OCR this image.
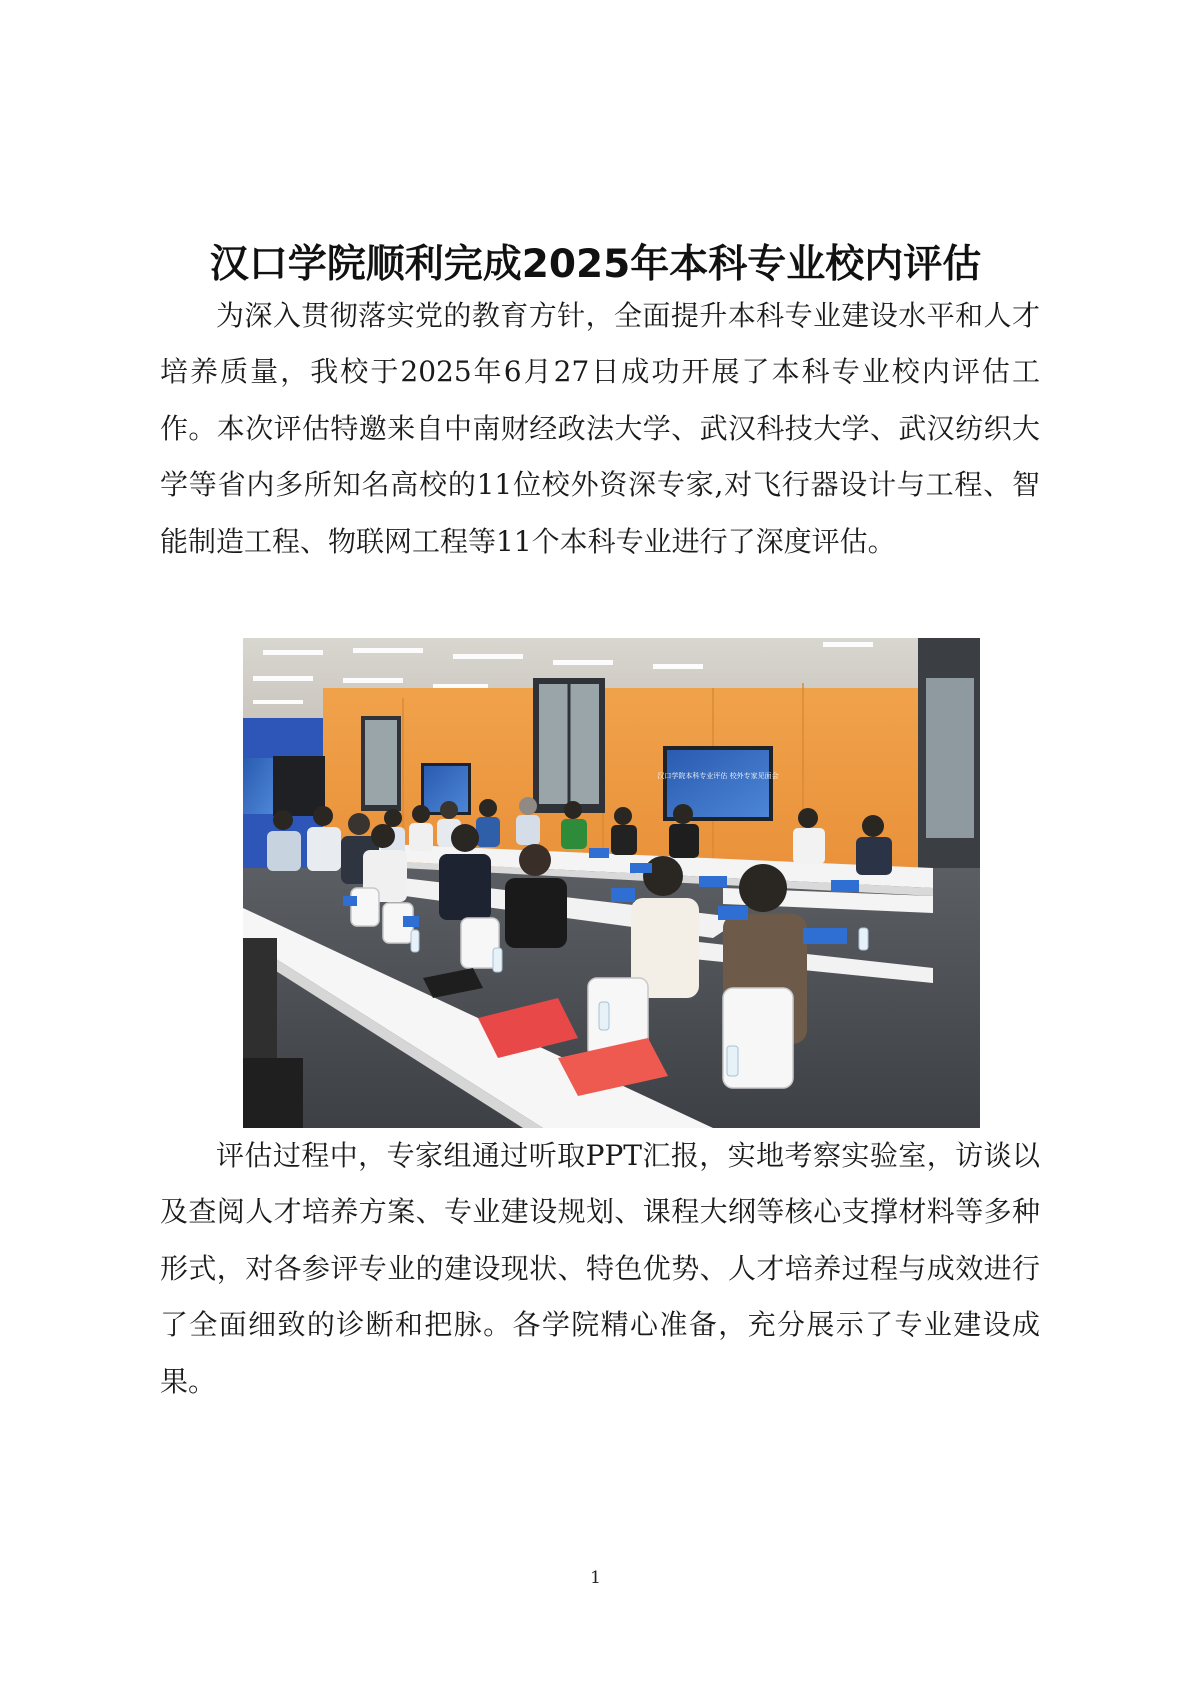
汉口学院顺利完成2025年本科专业校内评估

为深入贯彻落实党的教育方针，全面提升本科专业建设水平和人才培养质量，我校于2025年6月27日成功开展了本科专业校内评估工作。本次评估特邀来自中南财经政法大学、武汉科技大学、武汉纺织大学等省内多所知名高校的11位校外资深专家,对飞行器设计与工程、智能制造工程、物联网工程等11个本科专业进行了深度评估。

汉口学院本科专业评估 校外专家见面会

评估过程中，专家组通过听取PPT汇报，实地考察实验室，访谈以及查阅人才培养方案、专业建设规划、课程大纲等核心支撑材料等多种形式，对各参评专业的建设现状、特色优势、人才培养过程与成效进行了全面细致的诊断和把脉。各学院精心准备，充分展示了专业建设成果。

1
